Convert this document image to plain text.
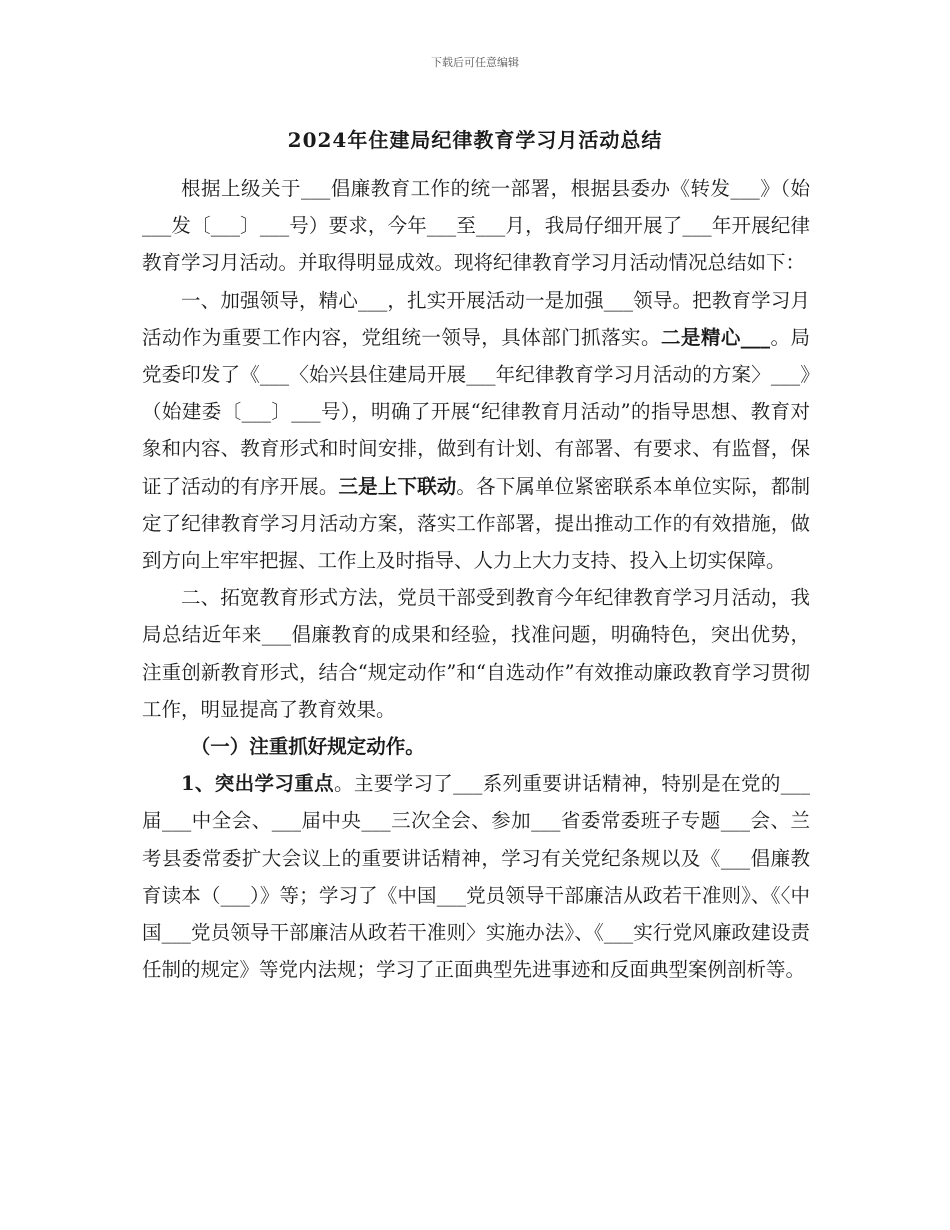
下载后可任意编辑
2024年住建局纪律教育学习月活动总结

根据上级关于___倡廉教育工作的统一部署，根据县委办《转发___》（始___发〔___〕___号）要求，今年___至___月，我局仔细开展了___年开展纪律教育学习月活动。并取得明显成效。现将纪律教育学习月活动情况总结如下：

一、加强领导，精心___，扎实开展活动一是加强___领导。把教育学习月活动作为重要工作内容，党组统一领导，具体部门抓落实。二是精心___。局党委印发了《___〈始兴县住建局开展___年纪律教育学习月活动的方案〉___》（始建委〔___〕___号），明确了开展“纪律教育月活动”的指导思想、教育对象和内容、教育形式和时间安排，做到有计划、有部署、有要求、有监督，保证了活动的有序开展。三是上下联动。各下属单位紧密联系本单位实际，都制定了纪律教育学习月活动方案，落实工作部署，提出推动工作的有效措施，做到方向上牢牢把握、工作上及时指导、人力上大力支持、投入上切实保障。

二、拓宽教育形式方法，党员干部受到教育今年纪律教育学习月活动，我局总结近年来___倡廉教育的成果和经验，找准问题，明确特色，突出优势，注重创新教育形式，结合“规定动作”和“自选动作”有效推动廉政教育学习贯彻工作，明显提高了教育效果。

（一）注重抓好规定动作。

1、突出学习重点。主要学习了___系列重要讲话精神，特别是在党的___届___中全会、___届中央___三次全会、参加___省委常委班子专题___会、兰考县委常委扩大会议上的重要讲话精神，学习有关党纪条规以及《___倡廉教育读本（___）》等；学习了《中国___党员领导干部廉洁从政若干准则》、《〈中国___党员领导干部廉洁从政若干准则〉实施办法》、《___实行党风廉政建设责任制的规定》等党内法规；学习了正面典型先进事迹和反面典型案例剖析等。
